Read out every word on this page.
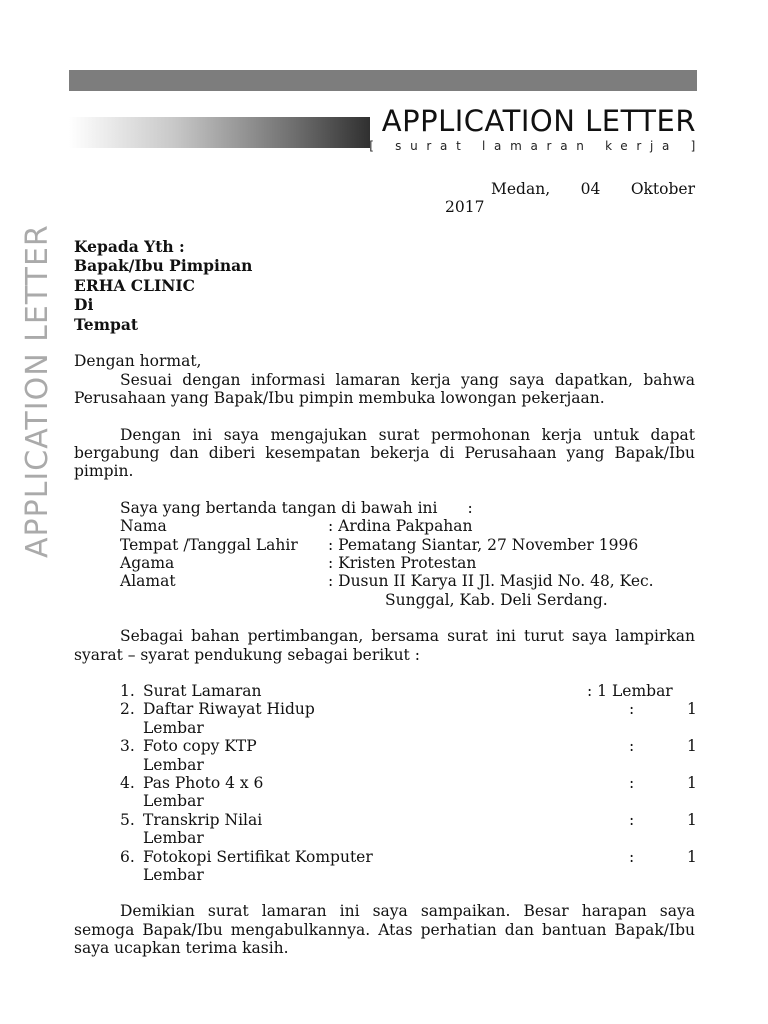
APPLICATION LETTER
[ surat lamaran kerja ]
APPLICATION LETTER

Medan, 04 Oktober

2017

Kepada Yth :
Bapak/Ibu Pimpinan
ERHA CLINIC
Di
Tempat

Dengan hormat,

Sesuai dengan informasi lamaran kerja yang saya dapatkan, bahwa Perusahaan yang Bapak/Ibu pimpin membuka lowongan pekerjaan.

Dengan ini saya mengajukan surat permohonan kerja untuk dapat bergabung dan diberi kesempatan bekerja di Perusahaan yang Bapak/Ibu pimpin.

Saya yang bertanda tangan di bawah ini :
Nama	: Ardina Pakpahan
Tempat /Tanggal Lahir	: Pematang Siantar, 27 November 1996
Agama	: Kristen Protestan
Alamat	: Dusun II Karya II Jl. Masjid No. 48, Kec.
Sunggal, Kab. Deli Serdang.

Sebagai bahan pertimbangan, bersama surat ini turut saya lampirkan syarat – syarat pendukung sebagai berikut :

1. Surat Lamaran	: 1 Lembar
2. Daftar Riwayat Hidup	:	1
Lembar
3. Foto copy KTP	:	1
Lembar
4. Pas Photo 4 x 6	:	1
Lembar
5. Transkrip Nilai	:	1
Lembar
6. Fotokopi Sertifikat Komputer	:	1
Lembar

Demikian surat lamaran ini saya sampaikan. Besar harapan saya semoga Bapak/Ibu mengabulkannya. Atas perhatian dan bantuan Bapak/Ibu saya ucapkan terima kasih.
